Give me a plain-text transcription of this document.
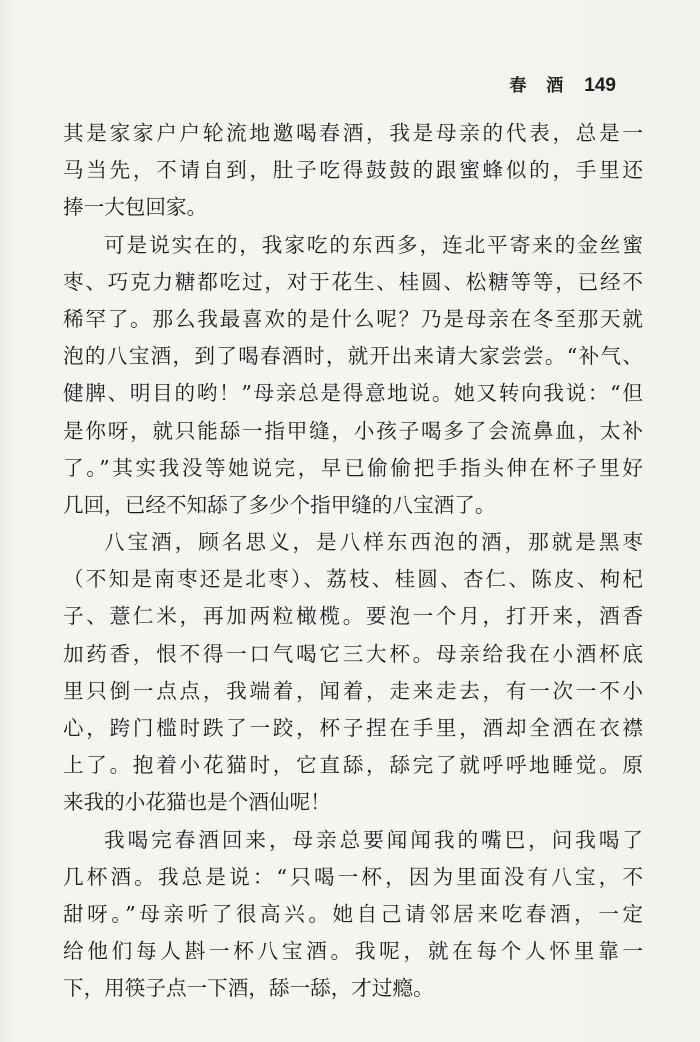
春 酒 149
其是家家户户轮流地邀喝春酒，我是母亲的代表，总是一
马当先，不请自到，肚子吃得鼓鼓的跟蜜蜂似的，手里还
捧一大包回家。
可是说实在的，我家吃的东西多，连北平寄来的金丝蜜
枣、巧克力糖都吃过，对于花生、桂圆、松糖等等，已经不
稀罕了。那么我最喜欢的是什么呢？乃是母亲在冬至那天就
泡的八宝酒，到了喝春酒时，就开出来请大家尝尝。“补气、
健脾、明目的哟！”母亲总是得意地说。她又转向我说：“但
是你呀，就只能舔一指甲缝，小孩子喝多了会流鼻血，太补
了。”其实我没等她说完，早已偷偷把手指头伸在杯子里好
几回，已经不知舔了多少个指甲缝的八宝酒了。
八宝酒，顾名思义，是八样东西泡的酒，那就是黑枣
（不知是南枣还是北枣）、荔枝、桂圆、杏仁、陈皮、枸杞
子、薏仁米，再加两粒橄榄。要泡一个月，打开来，酒香
加药香，恨不得一口气喝它三大杯。母亲给我在小酒杯底
里只倒一点点，我端着，闻着，走来走去，有一次一不小
心，跨门槛时跌了一跤，杯子捏在手里，酒却全洒在衣襟
上了。抱着小花猫时，它直舔，舔完了就呼呼地睡觉。原
来我的小花猫也是个酒仙呢！
我喝完春酒回来，母亲总要闻闻我的嘴巴，问我喝了
几杯酒。我总是说：“只喝一杯，因为里面没有八宝，不
甜呀。”母亲听了很高兴。她自己请邻居来吃春酒，一定
给他们每人斟一杯八宝酒。我呢，就在每个人怀里靠一
下，用筷子点一下酒，舔一舔，才过瘾。
